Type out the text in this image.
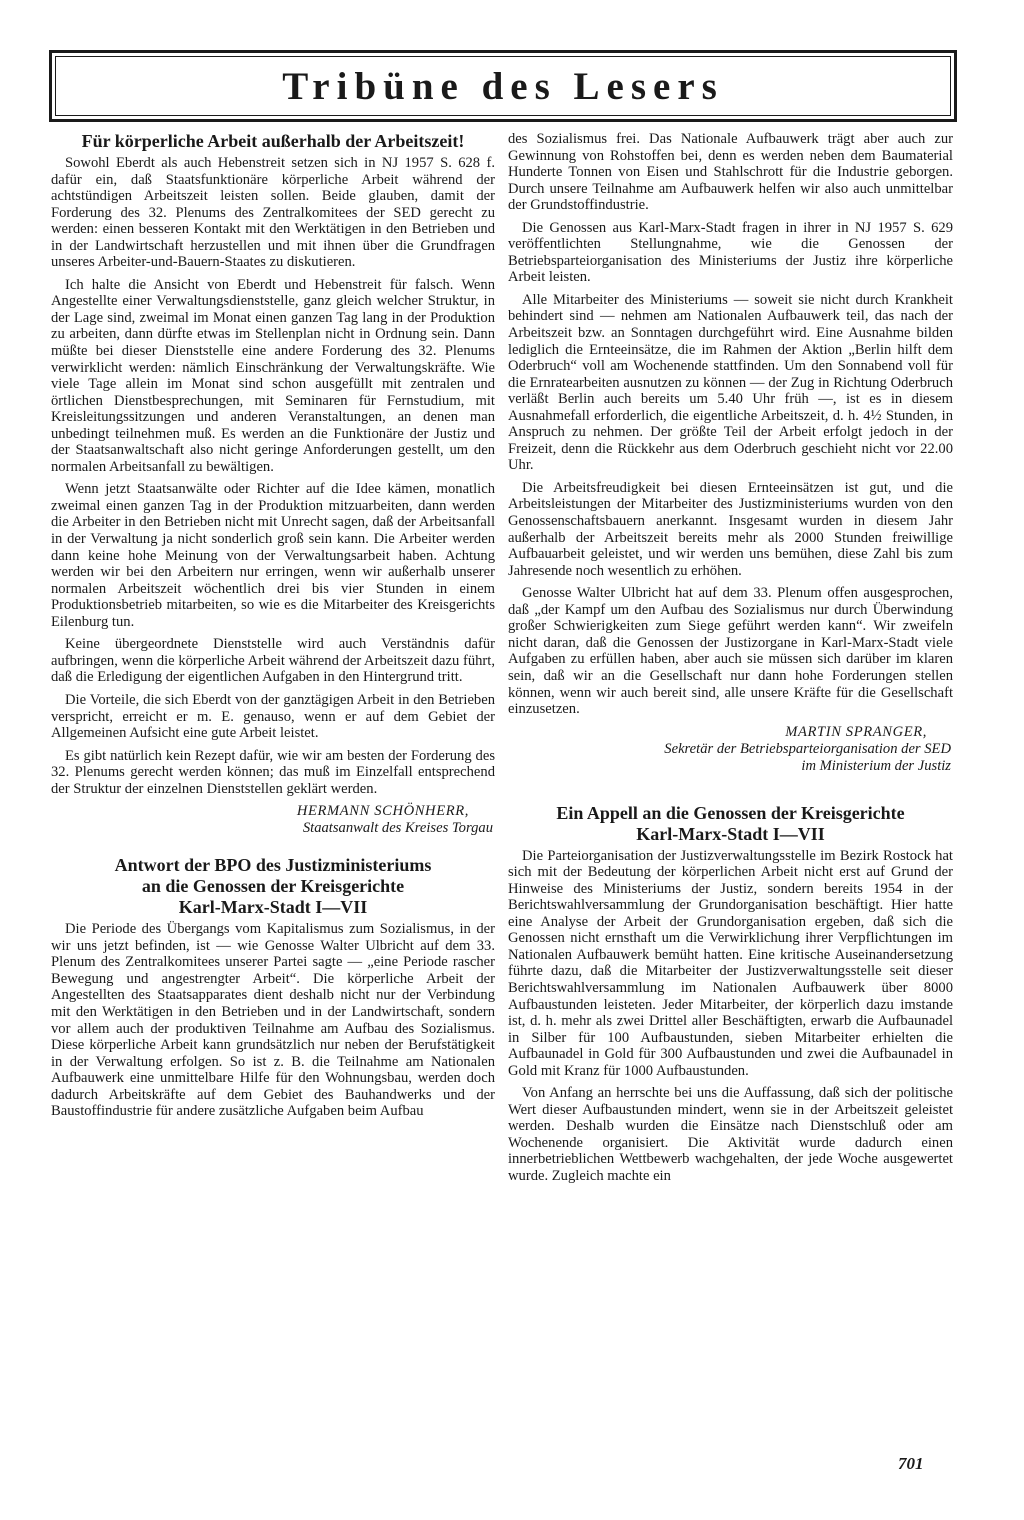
Tribüne des Lesers
Für körperliche Arbeit außerhalb der Arbeitszeit!

Sowohl Eberdt als auch Hebenstreit setzen sich in NJ 1957 S. 628 f. dafür ein, daß Staatsfunktionäre körperliche Arbeit während der achtstündigen Arbeitszeit leisten sollen. Beide glauben, damit der Forderung des 32. Plenums des Zentralkomitees der SED gerecht zu werden: einen besseren Kontakt mit den Werktätigen in den Betrieben und in der Landwirtschaft herzustellen und mit ihnen über die Grundfragen unseres Arbeiter-und-Bauern-Staates zu diskutieren.

Ich halte die Ansicht von Eberdt und Hebenstreit für falsch. Wenn Angestellte einer Verwaltungsdienststelle, ganz gleich welcher Struktur, in der Lage sind, zweimal im Monat einen ganzen Tag lang in der Produktion zu arbeiten, dann dürfte etwas im Stellenplan nicht in Ordnung sein. Dann müßte bei dieser Dienststelle eine andere Forderung des 32. Plenums verwirklicht werden: nämlich Einschränkung der Verwaltungskräfte. Wie viele Tage allein im Monat sind schon ausgefüllt mit zentralen und örtlichen Dienstbesprechungen, mit Seminaren für Fernstudium, mit Kreisleitungssitzungen und anderen Veranstaltungen, an denen man unbedingt teilnehmen muß. Es werden an die Funktionäre der Justiz und der Staatsanwaltschaft also nicht geringe Anforderungen gestellt, um den normalen Arbeitsanfall zu bewältigen.

Wenn jetzt Staatsanwälte oder Richter auf die Idee kämen, monatlich zweimal einen ganzen Tag in der Produktion mitzuarbeiten, dann werden die Arbeiter in den Betrieben nicht mit Unrecht sagen, daß der Arbeitsanfall in der Verwaltung ja nicht sonderlich groß sein kann. Die Arbeiter werden dann keine hohe Meinung von der Verwaltungsarbeit haben. Achtung werden wir bei den Arbeitern nur erringen, wenn wir außerhalb unserer normalen Arbeitszeit wöchentlich drei bis vier Stunden in einem Produktionsbetrieb mitarbeiten, so wie es die Mitarbeiter des Kreisgerichts Eilenburg tun.

Keine übergeordnete Dienststelle wird auch Verständnis dafür aufbringen, wenn die körperliche Arbeit während der Arbeitszeit dazu führt, daß die Erledigung der eigentlichen Aufgaben in den Hintergrund tritt.

Die Vorteile, die sich Eberdt von der ganztägigen Arbeit in den Betrieben verspricht, erreicht er m. E. genauso, wenn er auf dem Gebiet der Allgemeinen Aufsicht eine gute Arbeit leistet.

Es gibt natürlich kein Rezept dafür, wie wir am besten der Forderung des 32. Plenums gerecht werden können; das muß im Einzelfall entsprechend der Struktur der einzelnen Dienststellen geklärt werden.

HERMANN SCHÖNHERR,
Staatsanwalt des Kreises Torgau
Antwort der BPO des Justizministeriums
an die Genossen der Kreisgerichte
Karl-Marx-Stadt I—VII

Die Periode des Übergangs vom Kapitalismus zum Sozialismus, in der wir uns jetzt befinden, ist — wie Genosse Walter Ulbricht auf dem 33. Plenum des Zentralkomitees unserer Partei sagte — „eine Periode rascher Bewegung und angestrengter Arbeit“. Die körperliche Arbeit der Angestellten des Staatsapparates dient deshalb nicht nur der Verbindung mit den Werktätigen in den Betrieben und in der Landwirtschaft, sondern vor allem auch der produktiven Teilnahme am Aufbau des Sozialismus. Diese körperliche Arbeit kann grundsätzlich nur neben der Berufstätigkeit in der Verwaltung erfolgen. So ist z. B. die Teilnahme am Nationalen Aufbauwerk eine unmittelbare Hilfe für den Wohnungsbau, werden doch dadurch Arbeitskräfte auf dem Gebiet des Bauhandwerks und der Baustoffindustrie für andere zusätzliche Aufgaben beim Aufbau

des Sozialismus frei. Das Nationale Aufbauwerk trägt aber auch zur Gewinnung von Rohstoffen bei, denn es werden neben dem Baumaterial Hunderte Tonnen von Eisen und Stahlschrott für die Industrie geborgen. Durch unsere Teilnahme am Aufbauwerk helfen wir also auch unmittelbar der Grundstoffindustrie.

Die Genossen aus Karl-Marx-Stadt fragen in ihrer in NJ 1957 S. 629 veröffentlichten Stellungnahme, wie die Genossen der Betriebsparteiorganisation des Ministeriums der Justiz ihre körperliche Arbeit leisten.

Alle Mitarbeiter des Ministeriums — soweit sie nicht durch Krankheit behindert sind — nehmen am Nationalen Aufbauwerk teil, das nach der Arbeitszeit bzw. an Sonntagen durchgeführt wird. Eine Ausnahme bilden lediglich die Ernteeinsätze, die im Rahmen der Aktion „Berlin hilft dem Oderbruch“ voll am Wochenende stattfinden. Um den Sonnabend voll für die Ernratearbeiten ausnutzen zu können — der Zug in Richtung Oderbruch verläßt Berlin auch bereits um 5.40 Uhr früh —, ist es in diesem Ausnahmefall erforderlich, die eigentliche Arbeitszeit, d. h. 4½ Stunden, in Anspruch zu nehmen. Der größte Teil der Arbeit erfolgt jedoch in der Freizeit, denn die Rückkehr aus dem Oderbruch geschieht nicht vor 22.00 Uhr.

Die Arbeitsfreudigkeit bei diesen Ernteeinsätzen ist gut, und die Arbeitsleistungen der Mitarbeiter des Justizministeriums wurden von den Genossenschaftsbauern anerkannt. Insgesamt wurden in diesem Jahr außerhalb der Arbeitszeit bereits mehr als 2000 Stunden freiwillige Aufbauarbeit geleistet, und wir werden uns bemühen, diese Zahl bis zum Jahresende noch wesentlich zu erhöhen.

Genosse Walter Ulbricht hat auf dem 33. Plenum offen ausgesprochen, daß „der Kampf um den Aufbau des Sozialismus nur durch Überwindung großer Schwierigkeiten zum Siege geführt werden kann“. Wir zweifeln nicht daran, daß die Genossen der Justizorgane in Karl-Marx-Stadt viele Aufgaben zu erfüllen haben, aber auch sie müssen sich darüber im klaren sein, daß wir an die Gesellschaft nur dann hohe Forderungen stellen können, wenn wir auch bereit sind, alle unsere Kräfte für die Gesellschaft einzusetzen.

MARTIN SPRANGER,
Sekretär der Betriebsparteiorganisation der SED
im Ministerium der Justiz
Ein Appell an die Genossen der Kreisgerichte
Karl-Marx-Stadt I—VII

Die Parteiorganisation der Justizverwaltungsstelle im Bezirk Rostock hat sich mit der Bedeutung der körperlichen Arbeit nicht erst auf Grund der Hinweise des Ministeriums der Justiz, sondern bereits 1954 in der Berichtswahlversammlung der Grundorganisation beschäftigt. Hier hatte eine Analyse der Arbeit der Grundorganisation ergeben, daß sich die Genossen nicht ernsthaft um die Verwirklichung ihrer Verpflichtungen im Nationalen Aufbauwerk bemüht hatten. Eine kritische Auseinandersetzung führte dazu, daß die Mitarbeiter der Justizverwaltungsstelle seit dieser Berichtswahlversammlung im Nationalen Aufbauwerk über 8000 Aufbaustunden leisteten. Jeder Mitarbeiter, der körperlich dazu imstande ist, d. h. mehr als zwei Drittel aller Beschäftigten, erwarb die Aufbaunadel in Silber für 100 Aufbaustunden, sieben Mitarbeiter erhielten die Aufbaunadel in Gold für 300 Aufbaustunden und zwei die Aufbaunadel in Gold mit Kranz für 1000 Aufbaustunden.

Von Anfang an herrschte bei uns die Auffassung, daß sich der politische Wert dieser Aufbaustunden mindert, wenn sie in der Arbeitszeit geleistet werden. Deshalb wurden die Einsätze nach Dienstschluß oder am Wochenende organisiert. Die Aktivität wurde dadurch einen innerbetrieblichen Wettbewerb wachgehalten, der jede Woche ausgewertet wurde. Zugleich machte ein

701
